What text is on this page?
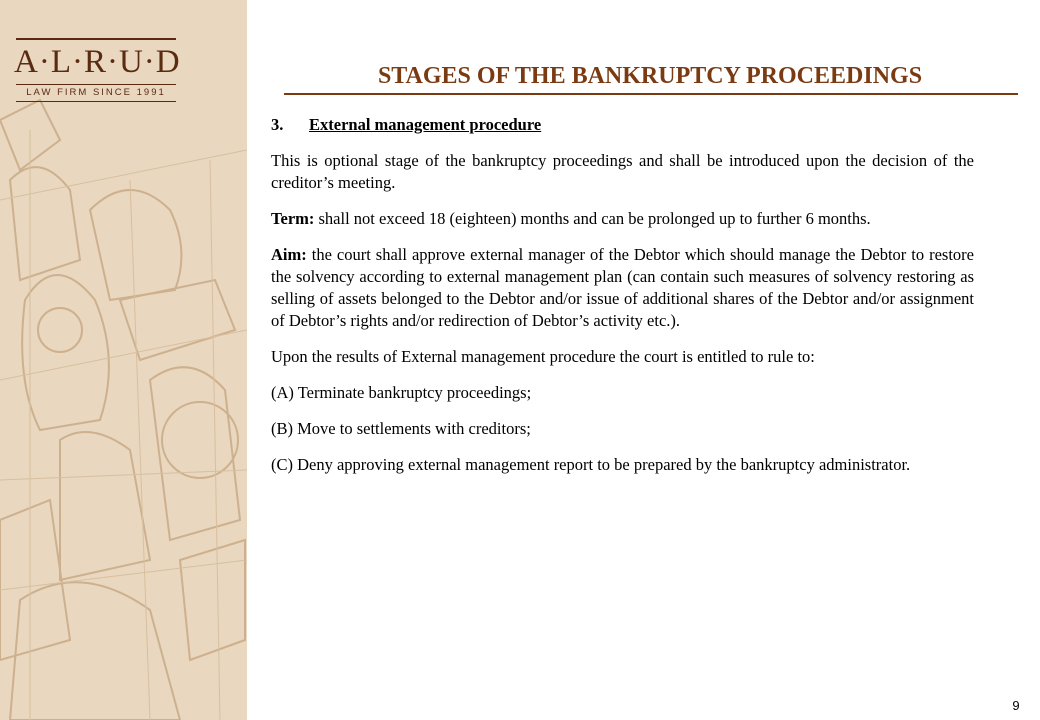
A·L·R·U·D
LAW FIRM SINCE 1991
STAGES OF THE BANKRUPTCY PROCEEDINGS

3. External management procedure

This is optional stage of the bankruptcy proceedings and shall be introduced upon the decision of the creditor’s meeting.

Term: shall not exceed 18 (eighteen) months and can be prolonged up to further 6 months.

Aim: the court shall approve external manager of the Debtor which should manage the Debtor to restore the solvency according to external management plan (can contain such measures of solvency restoring as selling of assets belonged to the Debtor and/or issue of additional shares of the Debtor and/or assignment of Debtor’s rights and/or redirection of Debtor’s activity etc.).

Upon the results of External management procedure the court is entitled to rule to:

(A) Terminate bankruptcy proceedings;

(B) Move to settlements with creditors;

(C) Deny approving external management report to be prepared by the bankruptcy administrator.

9
